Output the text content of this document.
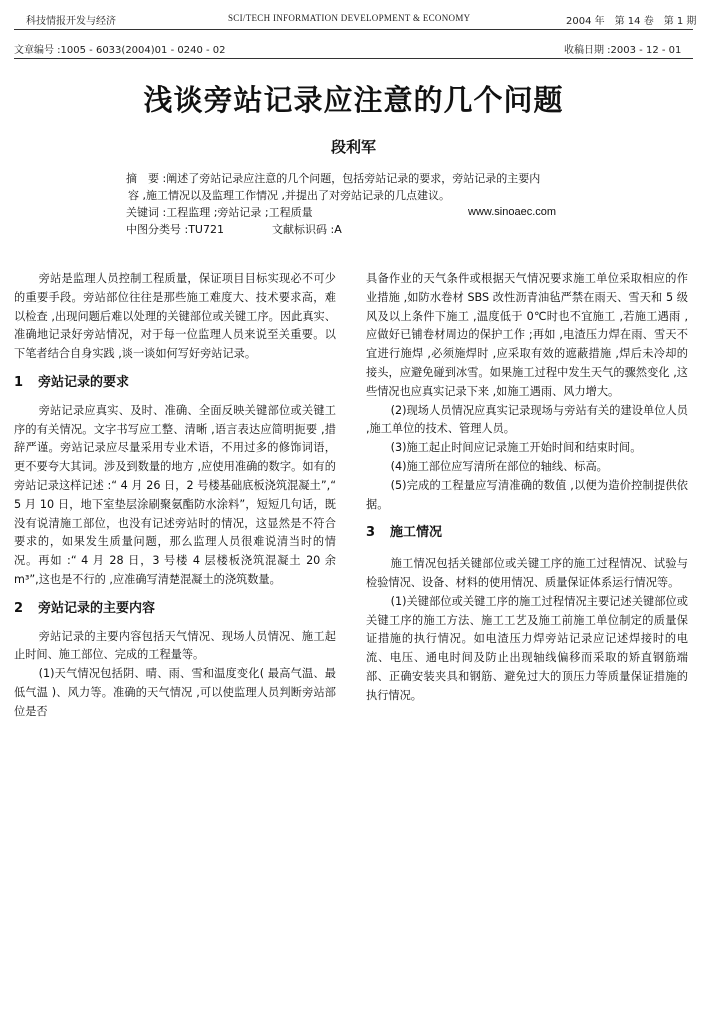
科技情报开发与经济	SCI/TECH INFORMATION DEVELOPMENT & ECONOMY	2004 年　第 14 卷　第 1 期
文章编号 :1005 - 6033(2004)01 - 0240 - 02	收稿日期 :2003 - 12 - 01
浅谈旁站记录应注意的几个问题
段利军
摘　要 :阐述了旁站记录应注意的几个问题，包括旁站记录的要求，旁站记录的主要内
容 ,施工情况以及监理工作情况 ,并提出了对旁站记录的几点建议。
关键词 :工程监理 ;旁站记录 ;工程质量	www.sinoaec.com
中图分类号 :TU721	文献标识码 :A

旁站是监理人员控制工程质量，保证项目目标实现必不可少的重要手段。旁站部位往往是那些施工难度大、技术要求高，难以检查 ,出现问题后难以处理的关键部位或关键工序。因此真实、准确地记录好旁站情况，对于每一位监理人员来说至关重要。以下笔者结合自身实践 ,谈一谈如何写好旁站记录。

1 旁站记录的要求

旁站记录应真实、及时、准确、全面反映关键部位或关键工序的有关情况。文字书写应工整、清晰 ,语言表达应简明扼要 ,措辞严谨。旁站记录应尽量采用专业术语，不用过多的修饰词语，更不要夸大其词。涉及到数量的地方 ,应使用准确的数字。如有的旁站记录这样记述 :“ 4 月 26 日，2 号楼基础底板浇筑混凝土”,“ 5 月 10 日，地下室垫层涂刷聚氨酯防水涂料”，短短几句话，既没有说清施工部位，也没有记述旁站时的情况，这显然是不符合要求的，如果发生质量问题，那么监理人员很难说清当时的情况。再如 :“ 4 月 28 日，3 号楼 4 层楼板浇筑混凝土 20 余 m³”,这也是不行的 ,应准确写清楚混凝土的浇筑数量。

2 旁站记录的主要内容

旁站记录的主要内容包括天气情况、现场人员情况、施工起止时间、施工部位、完成的工程量等。

(1)天气情况包括阴、晴、雨、雪和温度变化( 最高气温、最低气温 )、风力等。准确的天气情况 ,可以使监理人员判断旁站部位是否

具备作业的天气条件或根据天气情况要求施工单位采取相应的作业措施 ,如防水卷材 SBS 改性沥青油毡严禁在雨天、雪天和 5 级风及以上条件下施工 ,温度低于 0℃时也不宜施工 ,若施工遇雨 ,应做好已铺卷材周边的保护工作 ;再如 ,电渣压力焊在雨、雪天不宜进行施焊 ,必须施焊时 ,应采取有效的遮蔽措施 ,焊后未冷却的接头，应避免碰到冰雪。如果施工过程中发生天气的骤然变化 ,这些情况也应真实记录下来 ,如施工遇雨、风力增大。

(2)现场人员情况应真实记录现场与旁站有关的建设单位人员 ,施工单位的技术、管理人员。

(3)施工起止时间应记录施工开始时间和结束时间。

(4)施工部位应写清所在部位的轴线、标高。

(5)完成的工程量应写清准确的数值 ,以便为造价控制提供依据。

3 施工情况

施工情况包括关键部位或关键工序的施工过程情况、试验与检验情况、设备、材料的使用情况、质量保证体系运行情况等。

(1)关键部位或关键工序的施工过程情况主要记述关键部位或关键工序的施工方法、施工工艺及施工前施工单位制定的质量保证措施的执行情况。如电渣压力焊旁站记录应记述焊接时的电流、电压、通电时间及防止出现轴线偏移而采取的矫直钢筋端部、正确安装夹具和钢筋、避免过大的顶压力等质量保证措施的执行情况。
